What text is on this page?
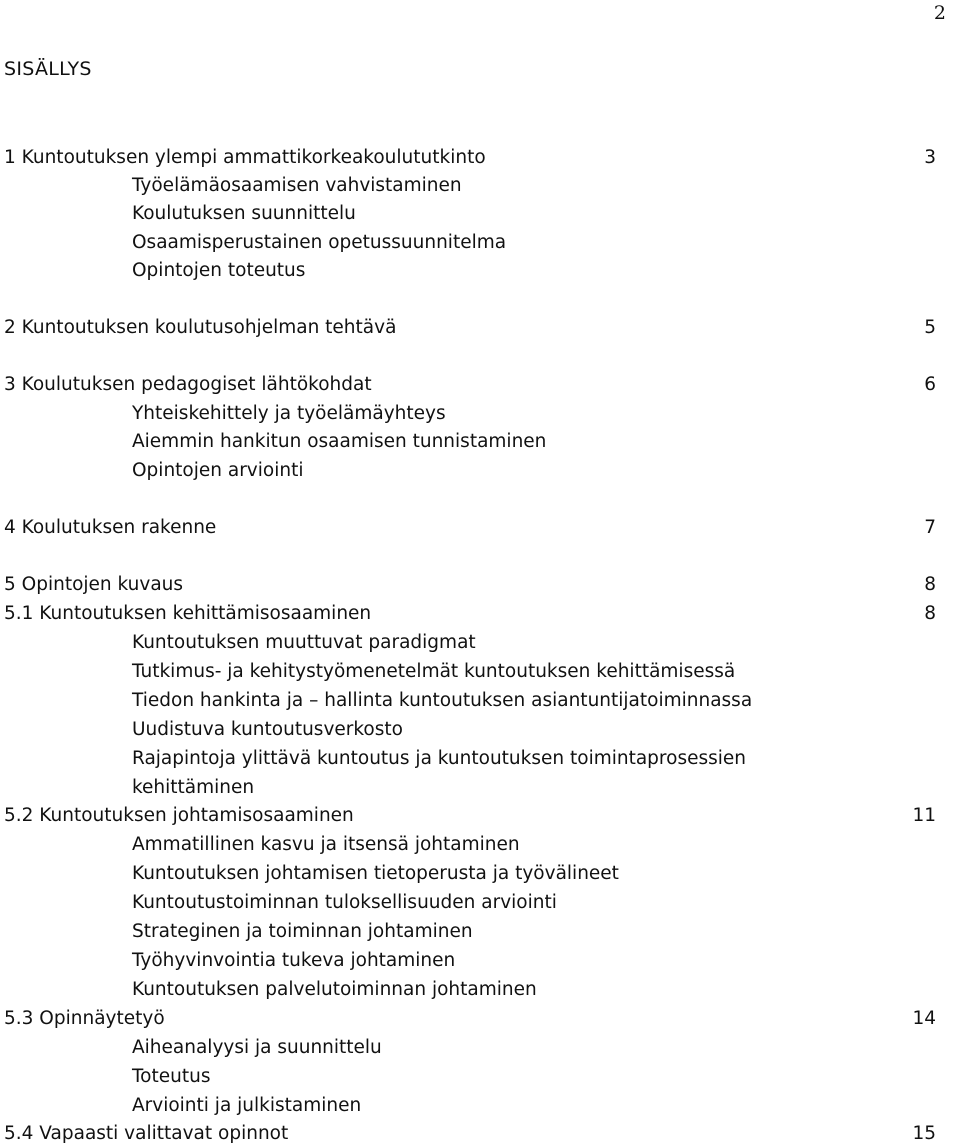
2
SISÄLLYS
1 Kuntoutuksen ylempi ammattikorkeakoulututkinto	3
Työelämäosaamisen vahvistaminen
Koulutuksen suunnittelu
Osaamisperustainen opetussuunnitelma
Opintojen toteutus
2 Kuntoutuksen koulutusohjelman tehtävä	5
3 Koulutuksen pedagogiset lähtökohdat	6
Yhteiskehittely ja työelämäyhteys
Aiemmin hankitun osaamisen tunnistaminen
Opintojen arviointi
4 Koulutuksen rakenne	7
5 Opintojen kuvaus	8
5.1 Kuntoutuksen kehittämisosaaminen	8
Kuntoutuksen muuttuvat paradigmat
Tutkimus- ja kehitystyömenetelmät kuntoutuksen kehittämisessä
Tiedon hankinta ja – hallinta kuntoutuksen asiantuntijatoiminnassa
Uudistuva kuntoutusverkosto
Rajapintoja ylittävä kuntoutus ja kuntoutuksen toimintaprosessien
kehittäminen
5.2 Kuntoutuksen johtamisosaaminen	11
Ammatillinen kasvu ja itsensä johtaminen
Kuntoutuksen johtamisen tietoperusta ja työvälineet
Kuntoutustoiminnan tuloksellisuuden arviointi
Strateginen ja toiminnan johtaminen
Työhyvinvointia tukeva johtaminen
Kuntoutuksen palvelutoiminnan johtaminen
5.3 Opinnäytetyö	14
Aiheanalyysi ja suunnittelu
Toteutus
Arviointi ja julkistaminen
5.4 Vapaasti valittavat opinnot	15
